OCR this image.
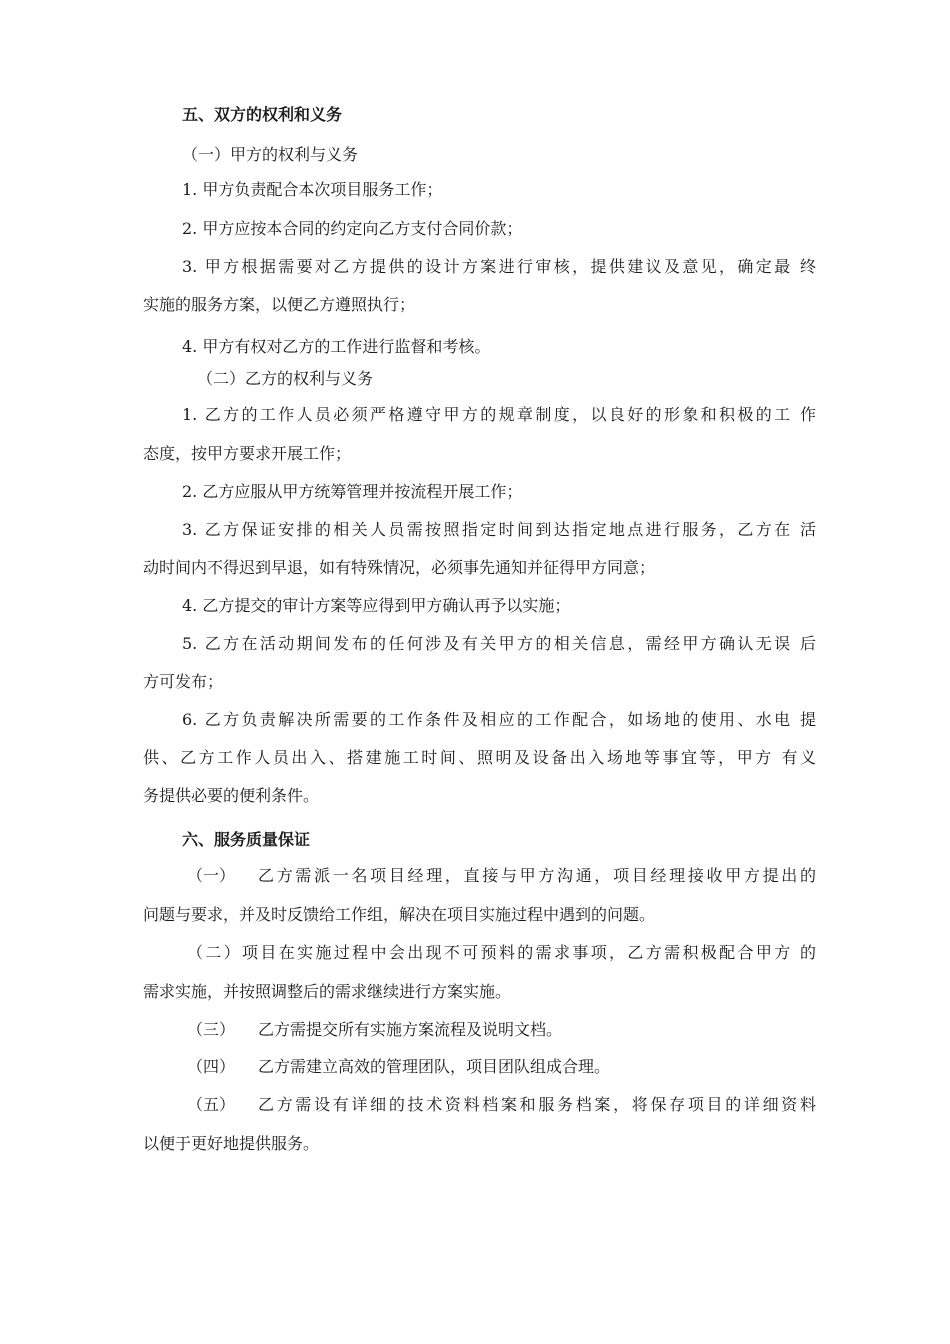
五、双方的权利和义务
（一）甲方的权利与义务
1. 甲方负责配合本次项目服务工作；
2. 甲方应按本合同的约定向乙方支付合同价款；
3. 甲方根据需要对乙方提供的设计方案进行审核，提供建议及意见，确定最 终
实施的服务方案，以便乙方遵照执行；
4. 甲方有权对乙方的工作进行监督和考核。
（二）乙方的权利与义务
1. 乙方的工作人员必须严格遵守甲方的规章制度，以良好的形象和积极的工 作
态度，按甲方要求开展工作；
2. 乙方应服从甲方统筹管理并按流程开展工作；
3. 乙方保证安排的相关人员需按照指定时间到达指定地点进行服务，乙方在 活
动时间内不得迟到早退，如有特殊情况，必须事先通知并征得甲方同意；
4. 乙方提交的审计方案等应得到甲方确认再予以实施；
5. 乙方在活动期间发布的任何涉及有关甲方的相关信息，需经甲方确认无误 后
方可发布；
6. 乙方负责解决所需要的工作条件及相应的工作配合，如场地的使用、水电 提
供、乙方工作人员出入、搭建施工时间、照明及设备出入场地等事宜等，甲方 有义
务提供必要的便利条件。
六、服务质量保证
（一） 乙方需派一名项目经理，直接与甲方沟通，项目经理接收甲方提出的
问题与要求，并及时反馈给工作组，解决在项目实施过程中遇到的问题。
（二）项目在实施过程中会出现不可预料的需求事项，乙方需积极配合甲方 的
需求实施，并按照调整后的需求继续进行方案实施。
（三） 乙方需提交所有实施方案流程及说明文档。
（四） 乙方需建立高效的管理团队，项目团队组成合理。
（五） 乙方需设有详细的技术资料档案和服务档案，将保存项目的详细资料
以便于更好地提供服务。
